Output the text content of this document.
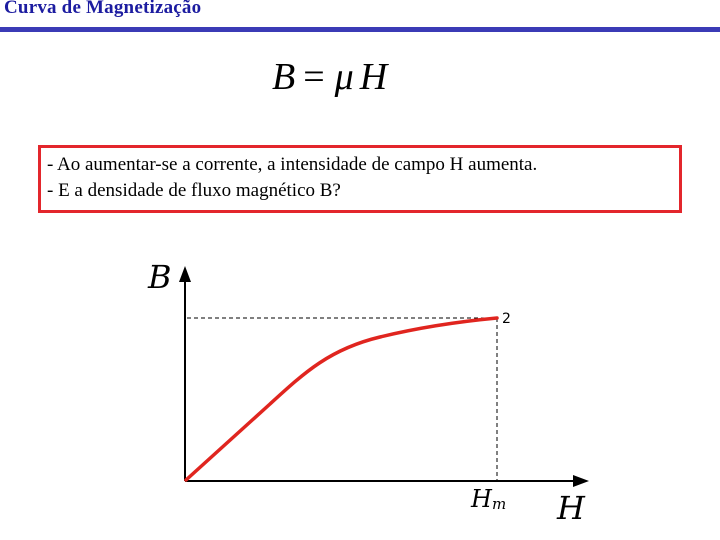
Curva de Magnetização
B = μ H
- Ao aumentar-se a corrente, a intensidade de campo H aumenta.
- E a densidade de fluxo magnético B?
B
H
2
Hm
